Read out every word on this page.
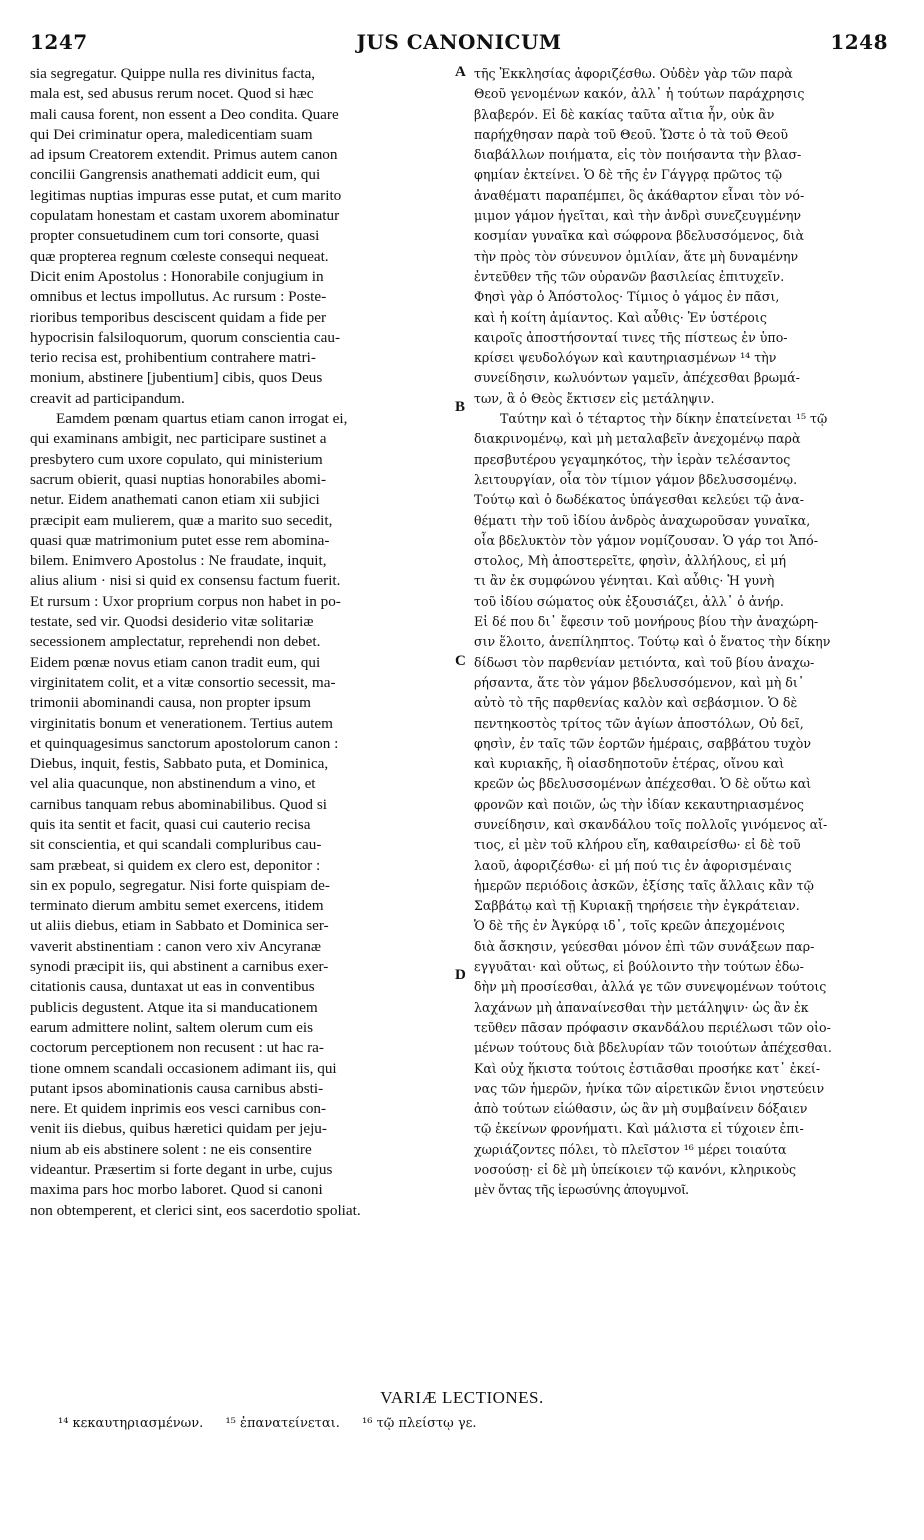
1247	JUS CANONICUM	1248
sia segregatur. Quippe nulla res divinitus facta,
mala est, sed abusus rerum nocet. Quod si hæc
mali causa forent, non essent a Deo condita. Quare
qui Dei criminatur opera, maledicentiam suam
ad ipsum Creatorem extendit. Primus autem canon
concilii Gangrensis anathemati addicit eum, qui
legitimas nuptias impuras esse putat, et cum marito
copulatam honestam et castam uxorem abominatur
propter consuetudinem cum tori consorte, quasi
quæ propterea regnum cœleste consequi nequeat.
Dicit enim Apostolus : Honorabile conjugium in
omnibus et lectus impollutus. Ac rursum : Poste-
rioribus temporibus desciscent quidam a fide per
hypocrisin falsiloquorum, quorum conscientia cau-
terio recisa est, prohibentium contrahere matri-
monium, abstinere [jubentium] cibis, quos Deus
creavit ad participandum.
Eamdem pœnam quartus etiam canon irrogat ei,
qui examinans ambigit, nec participare sustinet a
presbytero cum uxore copulato, qui ministerium
sacrum obierit, quasi nuptias honorabiles abomi-
netur. Eidem anathemati canon etiam xii subjici
præcipit eam mulierem, quæ a marito suo secedit,
quasi quæ matrimonium putet esse rem abomina-
bilem. Enimvero Apostolus : Ne fraudate, inquit,
alius alium · nisi si quid ex consensu factum fuerit.
Et rursum : Uxor proprium corpus non habet in po-
testate, sed vir. Quodsi desiderio vitæ solitariæ
secessionem amplectatur, reprehendi non debet.
Eidem pœnæ novus etiam canon tradit eum, qui
virginitatem colit, et a vitæ consortio secessit, ma-
trimonii abominandi causa, non propter ipsum
virginitatis bonum et venerationem. Tertius autem
et quinquagesimus sanctorum apostolorum canon :
Diebus, inquit, festis, Sabbato puta, et Dominica,
vel alia quacunque, non abstinendum a vino, et
carnibus tanquam rebus abominabilibus. Quod si
quis ita sentit et facit, quasi cui cauterio recisa
sit conscientia, et qui scandali compluribus cau-
sam præbeat, si quidem ex clero est, deponitor :
sin ex populo, segregatur. Nisi forte quispiam de-
terminato dierum ambitu semet exercens, itidem
ut aliis diebus, etiam in Sabbato et Dominica ser-
vaverit abstinentiam : canon vero xiv Ancyranæ
synodi præcipit iis, qui abstinent a carnibus exer-
citationis causa, duntaxat ut eas in conventibus
publicis degustent. Atque ita si manducationem
earum admittere nolint, saltem olerum cum eis
coctorum perceptionem non recusent : ut hac ra-
tione omnem scandali occasionem adimant iis, qui
putant ipsos abominationis causa carnibus absti-
nere. Et quidem inprimis eos vesci carnibus con-
venit iis diebus, quibus hæretici quidam per jeju-
nium ab eis abstinere solent : ne eis consentire
videantur. Præsertim si forte degant in urbe, cujus
maxima pars hoc morbo laboret. Quod si canoni
non obtemperent, et clerici sint, eos sacerdotio spoliat.
A
B
C
D
τῆς Ἐκκλησίας ἀφοριζέσθω. Οὐδὲν γὰρ τῶν παρὰ
Θεοῦ γενομένων κακόν, ἀλλ᾽ ἡ τούτων παράχρησις
βλαβερόν. Εἰ δὲ κακίας ταῦτα αἴτια ἦν, οὐκ ἂν
παρήχθησαν παρὰ τοῦ Θεοῦ. Ὥστε ὁ τὰ τοῦ Θεοῦ
διαβάλλων ποιήματα, εἰς τὸν ποιήσαντα τὴν βλασ-
φημίαν ἐκτείνει. Ὁ δὲ τῆς ἐν Γάγγρᾳ πρῶτος τῷ
ἀναθέματι παραπέμπει, ὃς ἀκάθαρτον εἶναι τὸν νό-
μιμον γάμον ἡγεῖται, καὶ τὴν ἀνδρὶ συνεζευγμένην
κοσμίαν γυναῖκα καὶ σώφρονα βδελυσσόμενος, διὰ
τὴν πρὸς τὸν σύνευνον ὁμιλίαν, ἅτε μὴ δυναμένην
ἐντεῦθεν τῆς τῶν οὐρανῶν βασιλείας ἐπιτυχεῖν.
Φησὶ γὰρ ὁ Ἀπόστολος· Τίμιος ὁ γάμος ἐν πᾶσι,
καὶ ἡ κοίτη ἀμίαντος. Καὶ αὖθις· Ἐν ὑστέροις
καιροῖς ἀποστήσονταί τινες τῆς πίστεως ἐν ὑπο-
κρίσει ψευδολόγων καὶ καυτηριασμένων ¹⁴ τὴν
συνείδησιν, κωλυόντων γαμεῖν, ἀπέχεσθαι βρωμά-
των, ἃ ὁ Θεὸς ἔκτισεν εἰς μετάληψιν.
Ταύτην καὶ ὁ τέταρτος τὴν δίκην ἐπατείνεται ¹⁵ τῷ
διακρινομένῳ, καὶ μὴ μεταλαβεῖν ἀνεχομένῳ παρὰ
πρεσβυτέρου γεγαμηκότος, τὴν ἱερὰν τελέσαντος
λειτουργίαν, οἷα τὸν τίμιον γάμον βδελυσσομένῳ.
Τούτῳ καὶ ὁ δωδέκατος ὑπάγεσθαι κελεύει τῷ ἀνα-
θέματι τὴν τοῦ ἰδίου ἀνδρὸς ἀναχωροῦσαν γυναῖκα,
οἷα βδελυκτὸν τὸν γάμον νομίζουσαν. Ὁ γάρ τοι Ἀπό-
στολος, Μὴ ἀποστερεῖτε, φησὶν, ἀλλήλους, εἰ μή
τι ἂν ἐκ συμφώνου γένηται. Καὶ αὖθις· Ἡ γυνὴ
τοῦ ἰδίου σώματος οὐκ ἐξουσιάζει, ἀλλ᾽ ὁ ἀνήρ.
Εἰ δέ που δι᾽ ἔφεσιν τοῦ μονήρους βίου τὴν ἀναχώρη-
σιν ἕλοιτο, ἀνεπίληπτος. Τούτῳ καὶ ὁ ἔνατος τὴν δίκην
δίδωσι τὸν παρθενίαν μετιόντα, καὶ τοῦ βίου ἀναχω-
ρήσαντα, ἅτε τὸν γάμον βδελυσσόμενον, καὶ μὴ δι᾽
αὐτὸ τὸ τῆς παρθενίας καλὸν καὶ σεβάσμιον. Ὁ δὲ
πεντηκοστὸς τρίτος τῶν ἁγίων ἀποστόλων, Οὐ δεῖ,
φησὶν, ἐν ταῖς τῶν ἑορτῶν ἡμέραις, σαββάτου τυχὸν
καὶ κυριακῆς, ἢ οἱασδηποτοῦν ἑτέρας, οἴνου καὶ
κρεῶν ὡς βδελυσσομένων ἀπέχεσθαι. Ὁ δὲ οὕτω καὶ
φρονῶν καὶ ποιῶν, ὡς τὴν ἰδίαν κεκαυτηριασμένος
συνείδησιν, καὶ σκανδάλου τοῖς πολλοῖς γινόμενος αἴ-
τιος, εἰ μὲν τοῦ κλήρου εἴη, καθαιρείσθω· εἰ δὲ τοῦ
λαοῦ, ἀφοριζέσθω· εἰ μή πού τις ἐν ἀφορισμέναις
ἡμερῶν περιόδοις ἀσκῶν, ἐξίσης ταῖς ἄλλαις κἂν τῷ
Σαββάτῳ καὶ τῇ Κυριακῇ τηρήσειε τὴν ἐγκράτειαν.
Ὁ δὲ τῆς ἐν Ἀγκύρᾳ ιδ᾽, τοῖς κρεῶν ἀπεχομένοις
διὰ ἄσκησιν, γεύεσθαι μόνον ἐπὶ τῶν συνάξεων παρ-
εγγυᾶται· καὶ οὕτως, εἰ βούλοιντο τὴν τούτων ἐδω-
δὴν μὴ προσίεσθαι, ἀλλά γε τῶν συνεψομένων τούτοις
λαχάνων μὴ ἀπαναίνεσθαι τὴν μετάληψιν· ὡς ἂν ἐκ
τεῦθεν πᾶσαν πρόφασιν σκανδάλου περιέλωσι τῶν οἰο-
μένων τούτους διὰ βδελυρίαν τῶν τοιούτων ἀπέχεσθαι.
Καὶ οὐχ ἥκιστα τούτοις ἐστιᾶσθαι προσήκε κατ᾽ ἐκεί-
νας τῶν ἡμερῶν, ἡνίκα τῶν αἱρετικῶν ἔνιοι νηστεύειν
ἀπὸ τούτων εἰώθασιν, ὡς ἂν μὴ συμβαίνειν δόξαιεν
τῷ ἐκείνων φρονήματι. Καὶ μάλιστα εἰ τύχοιεν ἐπι-
χωριάζοντες πόλει, τὸ πλεῖστον ¹⁶ μέρει τοιαύτα
νοσούσῃ· εἰ δὲ μὴ ὑπείκοιεν τῷ κανόνι, κληρικοὺς
μὲν ὄντας τῆς ἱερωσύνης ἀπογυμνοῖ.
VARIÆ LECTIONES.
¹⁴ κεκαυτηριασμένων. ¹⁵ ἐπανατείνεται. ¹⁶ τῷ πλείστῳ γε.
